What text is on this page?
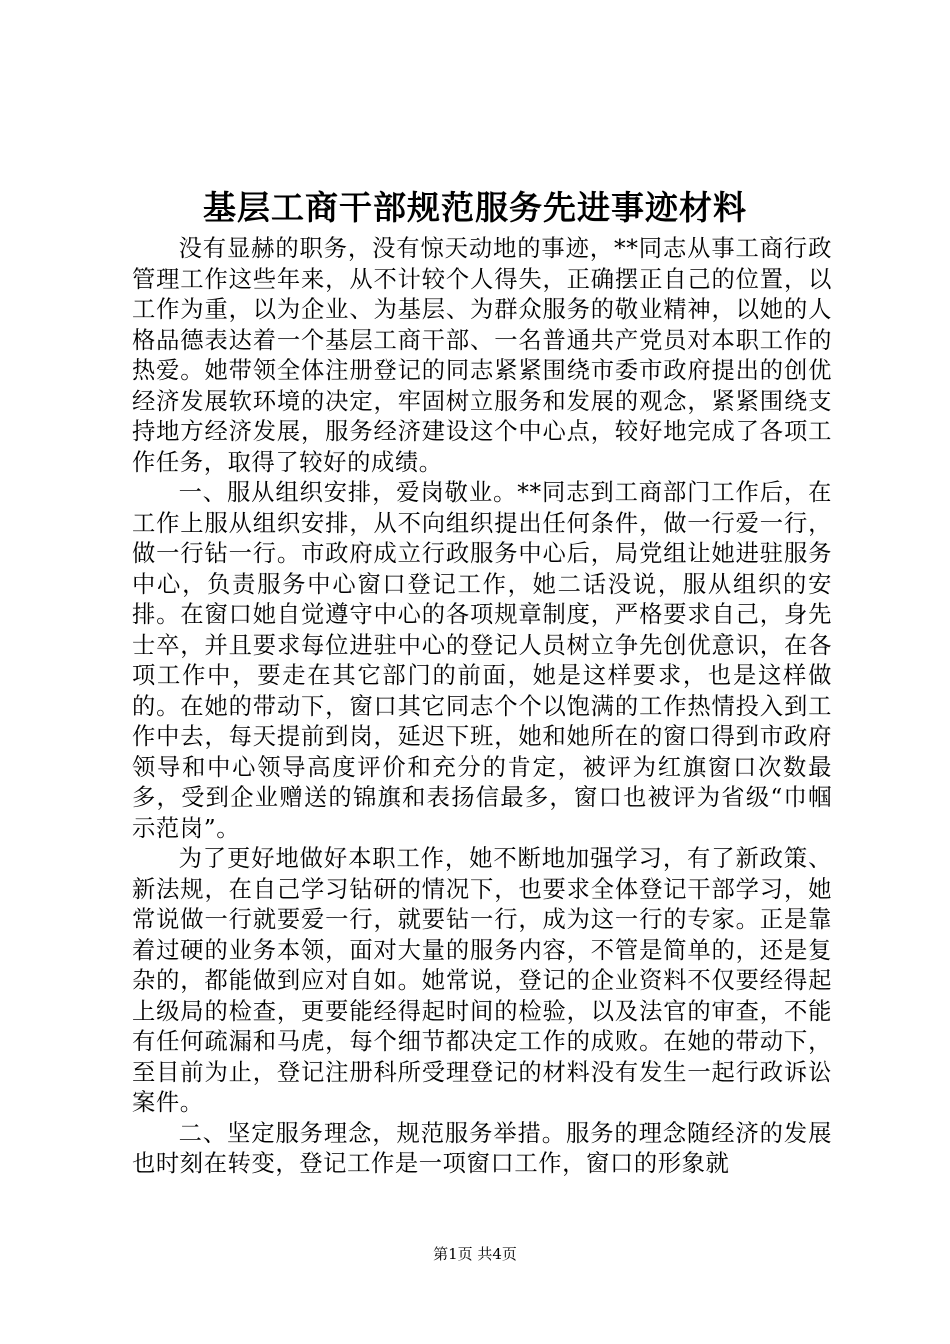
基层工商干部规范服务先进事迹材料

没有显赫的职务，没有惊天动地的事迹，**同志从事工商行政管理工作这些年来，从不计较个人得失，正确摆正自己的位置，以工作为重，以为企业、为基层、为群众服务的敬业精神，以她的人格品德表达着一个基层工商干部、一名普通共产党员对本职工作的热爱。她带领全体注册登记的同志紧紧围绕市委市政府提出的创优经济发展软环境的决定，牢固树立服务和发展的观念，紧紧围绕支持地方经济发展，服务经济建设这个中心点，较好地完成了各项工作任务，取得了较好的成绩。

一、服从组织安排，爱岗敬业。**同志到工商部门工作后，在工作上服从组织安排，从不向组织提出任何条件，做一行爱一行，做一行钻一行。市政府成立行政服务中心后，局党组让她进驻服务中心，负责服务中心窗口登记工作，她二话没说，服从组织的安排。在窗口她自觉遵守中心的各项规章制度，严格要求自己，身先士卒，并且要求每位进驻中心的登记人员树立争先创优意识，在各项工作中，要走在其它部门的前面，她是这样要求，也是这样做的。在她的带动下，窗口其它同志个个以饱满的工作热情投入到工作中去，每天提前到岗，延迟下班，她和她所在的窗口得到市政府领导和中心领导高度评价和充分的肯定，被评为红旗窗口次数最多，受到企业赠送的锦旗和表扬信最多，窗口也被评为省级“巾帼示范岗”。

为了更好地做好本职工作，她不断地加强学习，有了新政策、新法规，在自己学习钻研的情况下，也要求全体登记干部学习，她常说做一行就要爱一行，就要钻一行，成为这一行的专家。正是靠着过硬的业务本领，面对大量的服务内容，不管是简单的，还是复杂的，都能做到应对自如。她常说，登记的企业资料不仅要经得起上级局的检查，更要能经得起时间的检验，以及法官的审查，不能有任何疏漏和马虎，每个细节都决定工作的成败。在她的带动下，至目前为止，登记注册科所受理登记的材料没有发生一起行政诉讼案件。

二、坚定服务理念，规范服务举措。服务的理念随经济的发展也时刻在转变，登记工作是一项窗口工作，窗口的形象就

第1页 共4页
